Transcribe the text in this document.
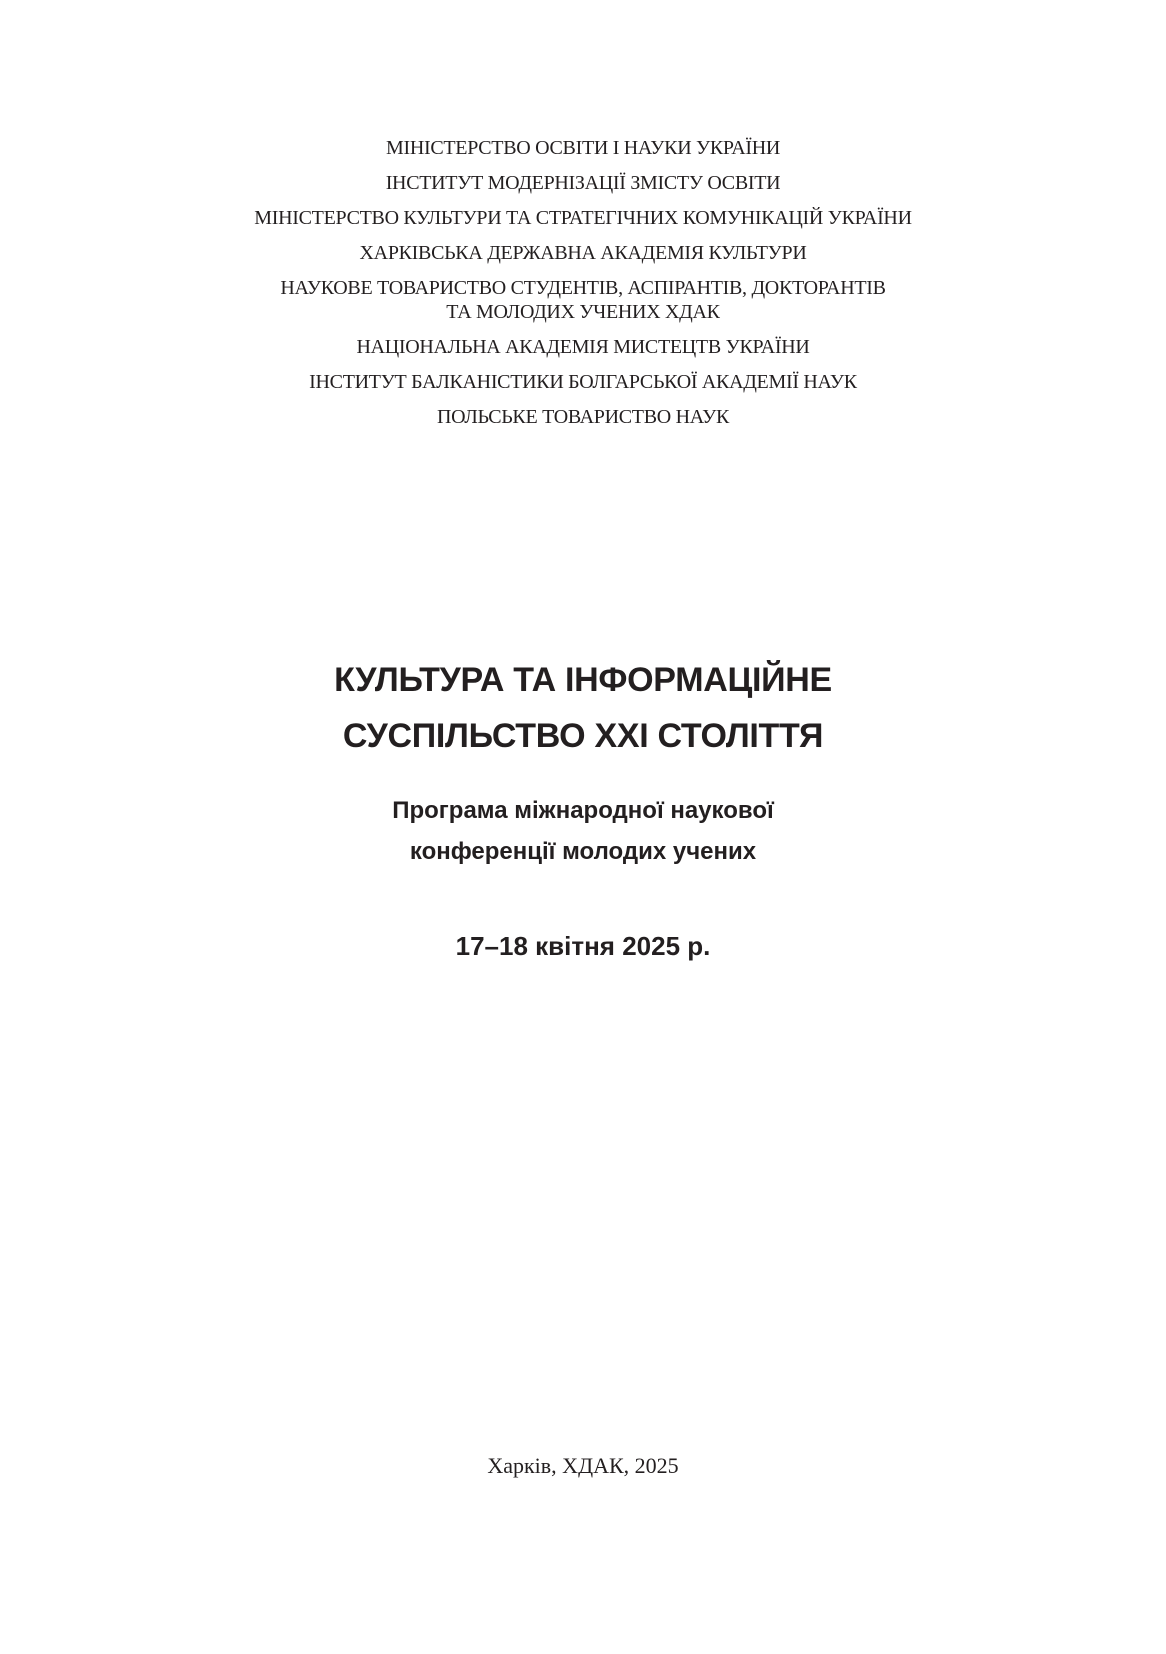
МІНІСТЕРСТВО ОСВІТИ І НАУКИ УКРАЇНИ
ІНСТИТУТ МОДЕРНІЗАЦІЇ ЗМІСТУ ОСВІТИ
МІНІСТЕРСТВО КУЛЬТУРИ ТА СТРАТЕГІЧНИХ КОМУНІКАЦІЙ УКРАЇНИ
ХАРКІВСЬКА ДЕРЖАВНА АКАДЕМІЯ КУЛЬТУРИ
НАУКОВЕ ТОВАРИСТВО СТУДЕНТІВ, АСПІРАНТІВ, ДОКТОРАНТІВ
ТА МОЛОДИХ УЧЕНИХ ХДАК
НАЦІОНАЛЬНА АКАДЕМІЯ МИСТЕЦТВ УКРАЇНИ
ІНСТИТУТ БАЛКАНІСТИКИ БОЛГАРСЬКОЇ АКАДЕМІЇ НАУК
ПОЛЬСЬКЕ ТОВАРИСТВО НАУК
КУЛЬТУРА ТА ІНФОРМАЦІЙНЕ
СУСПІЛЬСТВО XXI СТОЛІТТЯ
Програма міжнародної наукової
конференції молодих учених
17–18 квітня 2025 р.
Харків, ХДАК, 2025
